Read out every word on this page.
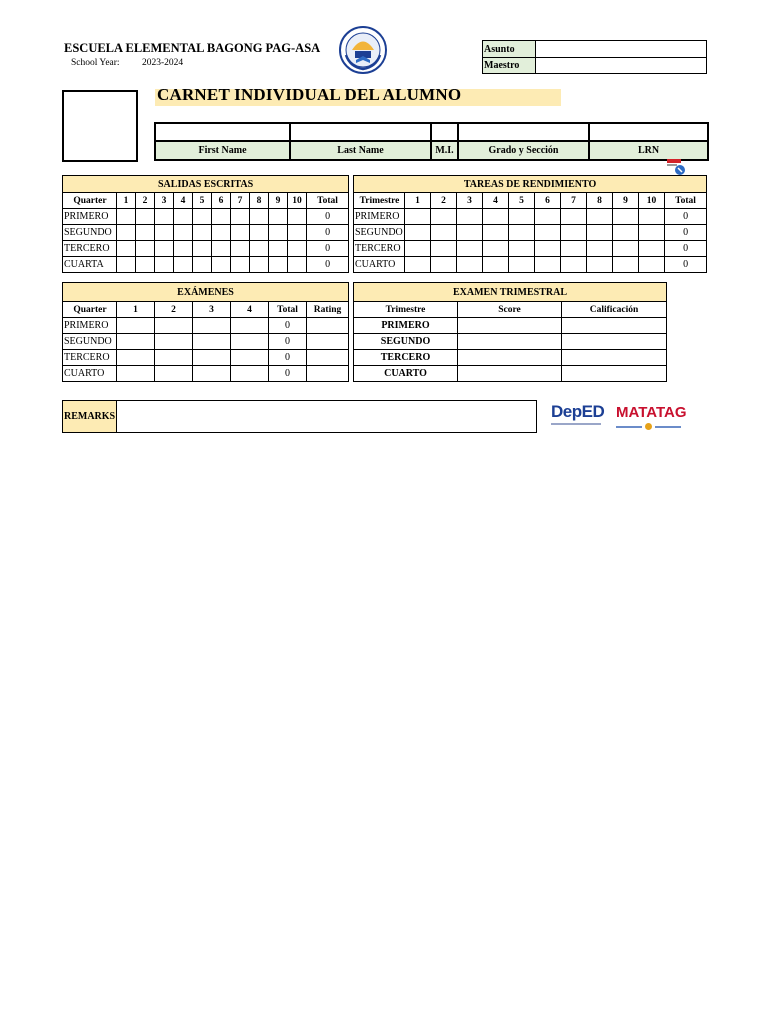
ESCUELA ELEMENTAL BAGONG PAG-ASA
School Year: 2023-2024
Asunto	
Maestro	
CARNET INDIVIDUAL DEL ALUMNO

First Name	Last Name	M.I.	Grado y Sección	LRN
SALIDAS ESCRITAS											
Quarter	1	2	3	4	5	6	7	8	9	10	Total
PRIMERO											0
SEGUNDO											0
TERCERO											0
CUARTA											0
TAREAS DE RENDIMIENTO											
Trimestre	1	2	3	4	5	6	7	8	9	10	Total
PRIMERO											0
SEGUNDO											0
TERCERO											0
CUARTO											0
EXÁMENES						
Quarter	1	2	3	4	Total	Rating
PRIMERO					0	
SEGUNDO					0	
TERCERO					0	
CUARTO					0	
EXAMEN TRIMESTRAL		
Trimestre	Score	Calificación
PRIMERO		
SEGUNDO		
TERCERO		
CUARTO		
REMARKS		DepED MATATAG
